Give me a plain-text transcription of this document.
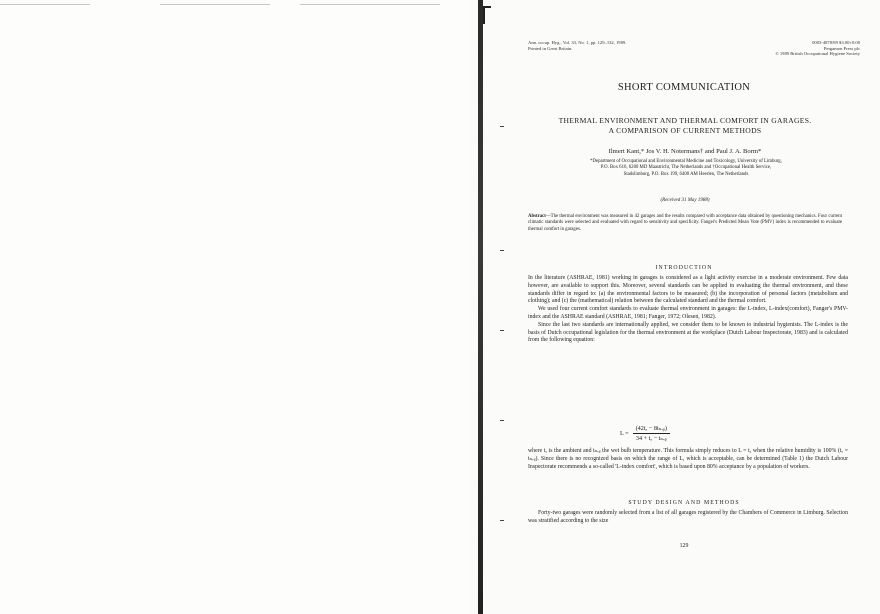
Ann. occup. Hyg., Vol. 33, No. 1, pp. 129–132, 1989.
Printed in Great Britain.
0003-4878/89 $3.00+0.00
Pergamon Press plc
© 1989 British Occupational Hygiene Society
SHORT COMMUNICATION
THERMAL ENVIRONMENT AND THERMAL COMFORT IN GARAGES.
A COMPARISON OF CURRENT METHODS
Ilmert Kant,* Jos V. H. Notermans† and Paul J. A. Borm*
*Department of Occupational and Environmental Medicine and Toxicology, University of Limburg,
P.O. Box 616, 6200 MD Maastricht, The Netherlands and †Occupational Health Service,
Stadslimburg, P.O. Box 199, 6400 AM Heerlen, The Netherlands
(Received 31 May 1988)
Abstract—The thermal environment was measured in 42 garages and the results compared with acceptance data obtained by questioning mechanics. Four current climatic standards were selected and evaluated with regard to sensitivity and specificity. Fanger's Predicted Mean Vote (PMV) index is recommended to evaluate thermal comfort in garages.
INTRODUCTION

In the literature (ASHRAE, 1981) working in garages is considered as a light activity exercise in a moderate environment. Few data however, are available to support this. Moreover, several standards can be applied in evaluating the thermal environment, and these standards differ in regard to: (a) the environmental factors to be measured; (b) the incorporation of personal factors (metabolism and clothing); and (c) the (mathematical) relation between the calculated standard and the thermal comfort.

We used four current comfort standards to evaluate thermal environment in garages: the L-index, L-index(comfort), Fanger's PMV-index and the ASHRAE standard (ASHRAE, 1981; Fanger, 1972; Olesen, 1982).

Since the last two standards are internationally applied, we consider them to be known to industrial hygienists. The L-index is the basis of Dutch occupational legislation for the thermal environment at the workplace (Dutch Labour Inspectorate, 1983) and is calculated from the following equation:

$L = \frac{\text{(42tₐ − 8tₙᵥᵦ)}}{\text{34 + tₐ − tₙᵥᵦ}}$

where tₐ is the ambient and tₙᵥᵦ the wet bulb temperature. This formula simply reduces to L = tₐ when the relative humidity is 100% (tₐ = tₙᵥᵦ). Since there is no recognized basis on which the range of L, which is acceptable, can be determined (Table 1) the Dutch Labour Inspectorate recommends a so-called 'L-index comfort', which is based upon 80% acceptance by a population of workers.

STUDY DESIGN AND METHODS

Forty-two garages were randomly selected from a list of all garages registered by the Chambers of Commerce in Limburg. Selection was stratified according to the size

129
